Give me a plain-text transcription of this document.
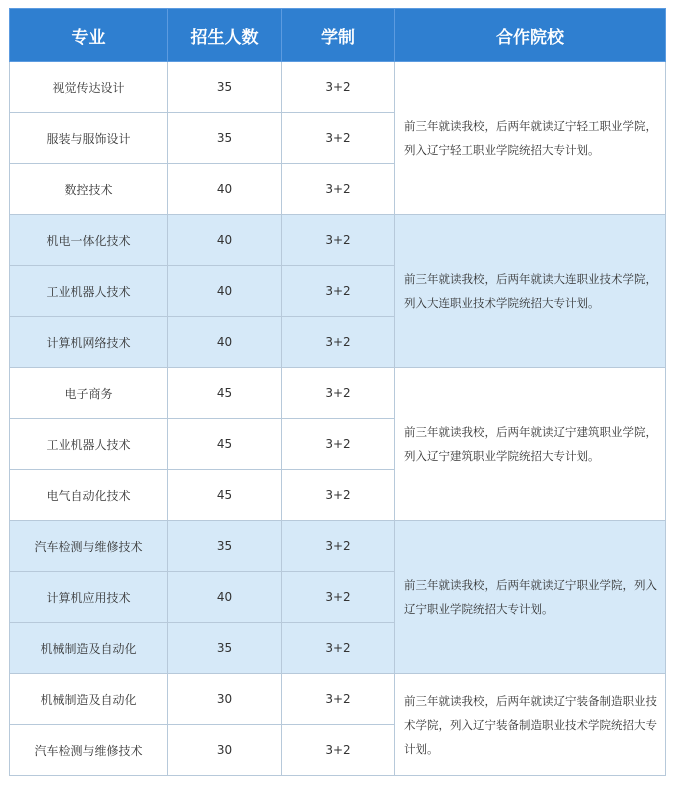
专业	招生人数	学制	合作院校
视觉传达设计	35	3+2	前三年就读我校，后两年就读辽宁轻工职业学院，列入辽宁轻工职业学院统招大专计划。
服装与服饰设计	35	3+2	
数控技术	40	3+2	
机电一体化技术	40	3+2	前三年就读我校，后两年就读大连职业技术学院，列入大连职业技术学院统招大专计划。
工业机器人技术	40	3+2	
计算机网络技术	40	3+2	
电子商务	45	3+2	前三年就读我校，后两年就读辽宁建筑职业学院，列入辽宁建筑职业学院统招大专计划。
工业机器人技术	45	3+2	
电气自动化技术	45	3+2	
汽车检测与维修技术	35	3+2	前三年就读我校，后两年就读辽宁职业学院，列入辽宁职业学院统招大专计划。
计算机应用技术	40	3+2	
机械制造及自动化	35	3+2	
机械制造及自动化	30	3+2	前三年就读我校，后两年就读辽宁装备制造职业技术学院，列入辽宁装备制造职业技术学院统招大专计划。
汽车检测与维修技术	30	3+2	
